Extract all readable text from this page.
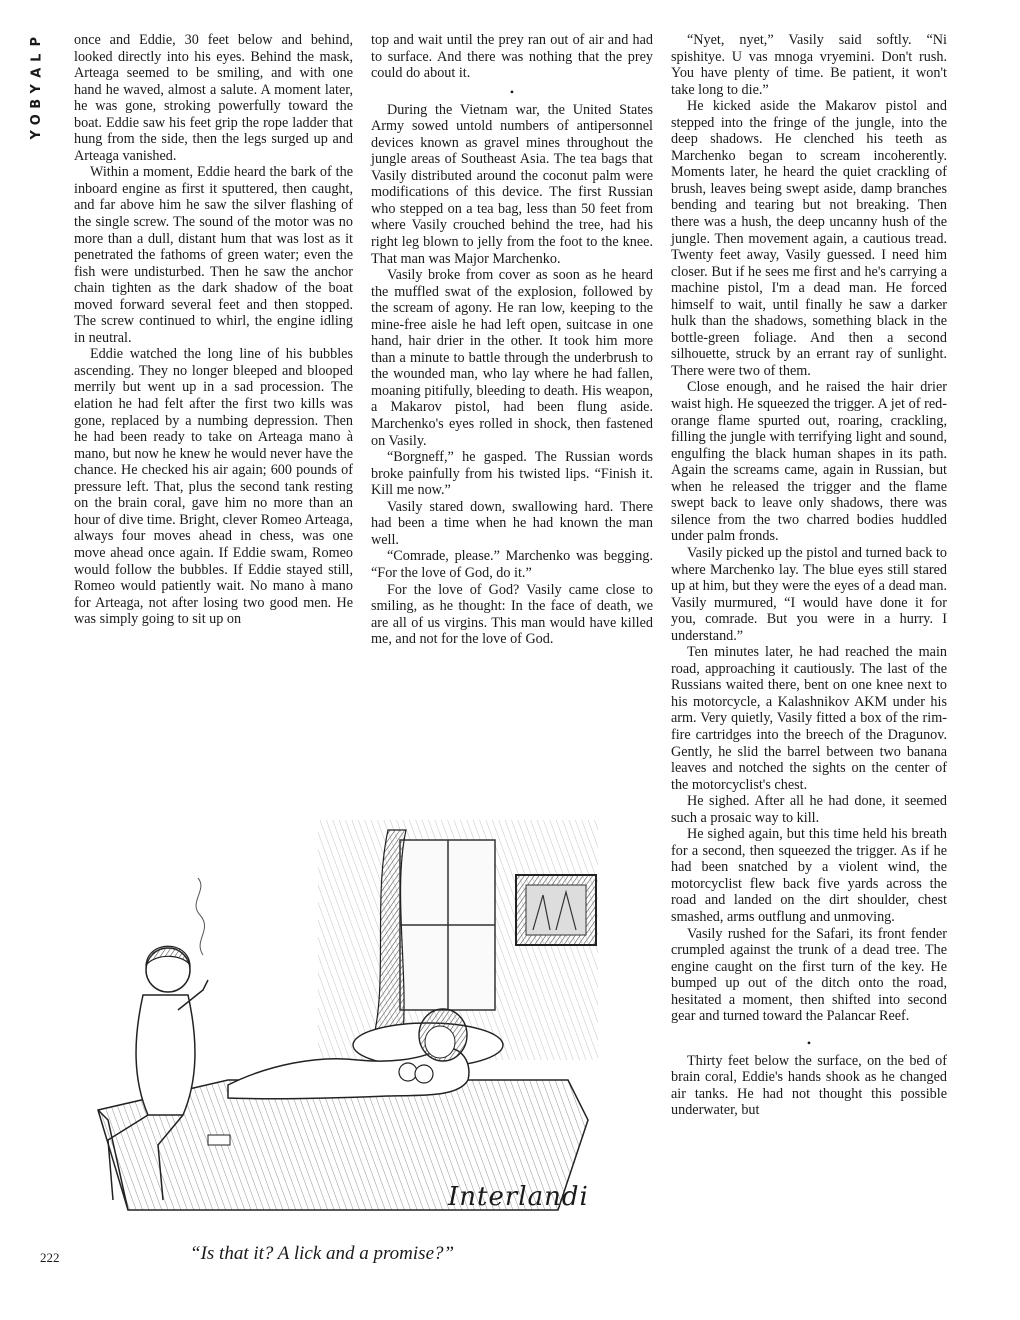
P
L
A
Y
B
O
Y

once and Eddie, 30 feet below and behind, looked directly into his eyes. Behind the mask, Arteaga seemed to be smiling, and with one hand he waved, almost a salute. A moment later, he was gone, stroking powerfully toward the boat. Eddie saw his feet grip the rope ladder that hung from the side, then the legs surged up and Arteaga vanished.

Within a moment, Eddie heard the bark of the inboard engine as first it sputtered, then caught, and far above him he saw the silver flashing of the single screw. The sound of the motor was no more than a dull, distant hum that was lost as it penetrated the fathoms of green water; even the fish were undisturbed. Then he saw the anchor chain tighten as the dark shadow of the boat moved forward several feet and then stopped. The screw continued to whirl, the engine idling in neutral.

Eddie watched the long line of his bubbles ascending. They no longer bleeped and blooped merrily but went up in a sad procession. The elation he had felt after the first two kills was gone, replaced by a numbing depression. Then he had been ready to take on Arteaga mano à mano, but now he knew he would never have the chance. He checked his air again; 600 pounds of pressure left. That, plus the second tank resting on the brain coral, gave him no more than an hour of dive time. Bright, clever Romeo Arteaga, always four moves ahead in chess, was one move ahead once again. If Eddie swam, Romeo would follow the bubbles. If Eddie stayed still, Romeo would patiently wait. No mano à mano for Arteaga, not after losing two good men. He was simply going to sit up on

top and wait until the prey ran out of air and had to surface. And there was nothing that the prey could do about it.

•

During the Vietnam war, the United States Army sowed untold numbers of antipersonnel devices known as gravel mines throughout the jungle areas of Southeast Asia. The tea bags that Vasily distributed around the coconut palm were modifications of this device. The first Russian who stepped on a tea bag, less than 50 feet from where Vasily crouched behind the tree, had his right leg blown to jelly from the foot to the knee. That man was Major Marchenko.

Vasily broke from cover as soon as he heard the muffled swat of the explosion, followed by the scream of agony. He ran low, keeping to the mine-free aisle he had left open, suitcase in one hand, hair drier in the other. It took him more than a minute to battle through the underbrush to the wounded man, who lay where he had fallen, moaning pitifully, bleeding to death. His weapon, a Makarov pistol, had been flung aside. Marchenko's eyes rolled in shock, then fastened on Vasily.

“Borgneff,” he gasped. The Russian words broke painfully from his twisted lips. “Finish it. Kill me now.”

Vasily stared down, swallowing hard. There had been a time when he had known the man well.

“Comrade, please.” Marchenko was begging. “For the love of God, do it.”

For the love of God? Vasily came close to smiling, as he thought: In the face of death, we are all of us virgins. This man would have killed me, and not for the love of God.

“Nyet, nyet,” Vasily said softly. “Ni spishitye. U vas mnoga vryemini. Don't rush. You have plenty of time. Be patient, it won't take long to die.”

He kicked aside the Makarov pistol and stepped into the fringe of the jungle, into the deep shadows. He clenched his teeth as Marchenko began to scream incoherently. Moments later, he heard the quiet crackling of brush, leaves being swept aside, damp branches bending and tearing but not breaking. Then there was a hush, the deep uncanny hush of the jungle. Then movement again, a cautious tread. Twenty feet away, Vasily guessed. I need him closer. But if he sees me first and he's carrying a machine pistol, I'm a dead man. He forced himself to wait, until finally he saw a darker hulk than the shadows, something black in the bottle-green foliage. And then a second silhouette, struck by an errant ray of sunlight. There were two of them.

Close enough, and he raised the hair drier waist high. He squeezed the trigger. A jet of red-orange flame spurted out, roaring, crackling, filling the jungle with terrifying light and sound, engulfing the black human shapes in its path. Again the screams came, again in Russian, but when he released the trigger and the flame swept back to leave only shadows, there was silence from the two charred bodies huddled under palm fronds.

Vasily picked up the pistol and turned back to where Marchenko lay. The blue eyes still stared up at him, but they were the eyes of a dead man. Vasily murmured, “I would have done it for you, comrade. But you were in a hurry. I understand.”

Ten minutes later, he had reached the main road, approaching it cautiously. The last of the Russians waited there, bent on one knee next to his motorcycle, a Kalashnikov AKM under his arm. Very quietly, Vasily fitted a box of the rim-fire cartridges into the breech of the Dragunov. Gently, he slid the barrel between two banana leaves and notched the sights on the center of the motorcyclist's chest.

He sighed. After all he had done, it seemed such a prosaic way to kill.

He sighed again, but this time held his breath for a second, then squeezed the trigger. As if he had been snatched by a violent wind, the motorcyclist flew back five yards across the road and landed on the dirt shoulder, chest smashed, arms outflung and unmoving.

Vasily rushed for the Safari, its front fender crumpled against the trunk of a dead tree. The engine caught on the first turn of the key. He bumped up out of the ditch onto the road, hesitated a moment, then shifted into second gear and turned toward the Palancar Reef.

•

Thirty feet below the surface, on the bed of brain coral, Eddie's hands shook as he changed air tanks. He had not thought this possible underwater, but

Interlandi
“Is that it? A lick and a promise?”
222
